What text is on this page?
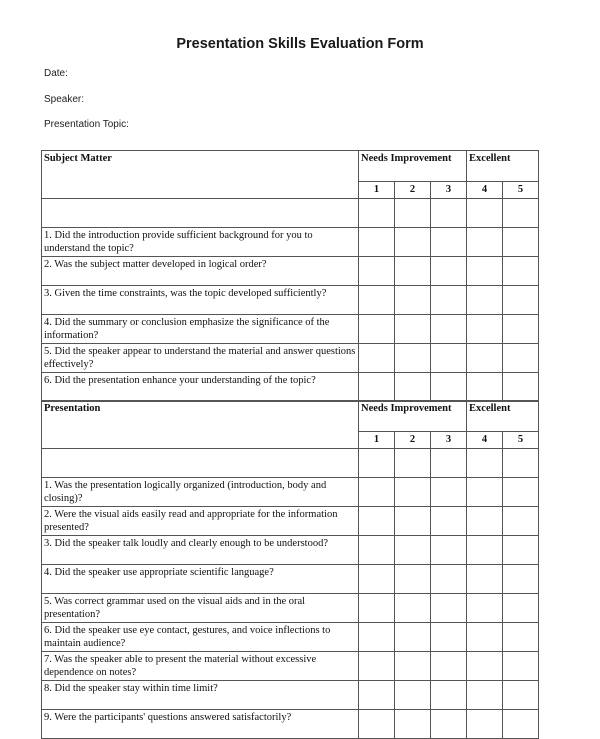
Presentation Skills Evaluation Form
Date:
Speaker:
Presentation Topic:
Subject Matter	Needs Improvement			Excellent	
	1	2	3	4	5

1. Did the introduction provide sufficient background for you to understand the topic?					
2. Was the subject matter developed in logical order?					
3. Given the time constraints, was the topic developed sufficiently?					
4. Did the summary or conclusion emphasize the significance of the information?					
5. Did the speaker appear to understand the material and answer questions effectively?					
6. Did the presentation enhance your understanding of the topic?					
Presentation	Needs Improvement			Excellent	
	1	2	3	4	5

1. Was the presentation logically organized (introduction, body and closing)?					
2. Were the visual aids easily read and appropriate for the information presented?					
3. Did the speaker talk loudly and clearly enough to be understood?					
4. Did the speaker use appropriate scientific language?					
5. Was correct grammar used on the visual aids and in the oral presentation?					
6. Did the speaker use eye contact, gestures, and voice inflections to maintain audience?					
7. Was the speaker able to present the material without excessive dependence on notes?					
8. Did the speaker stay within time limit?					
9. Were the participants' questions answered satisfactorily?					
